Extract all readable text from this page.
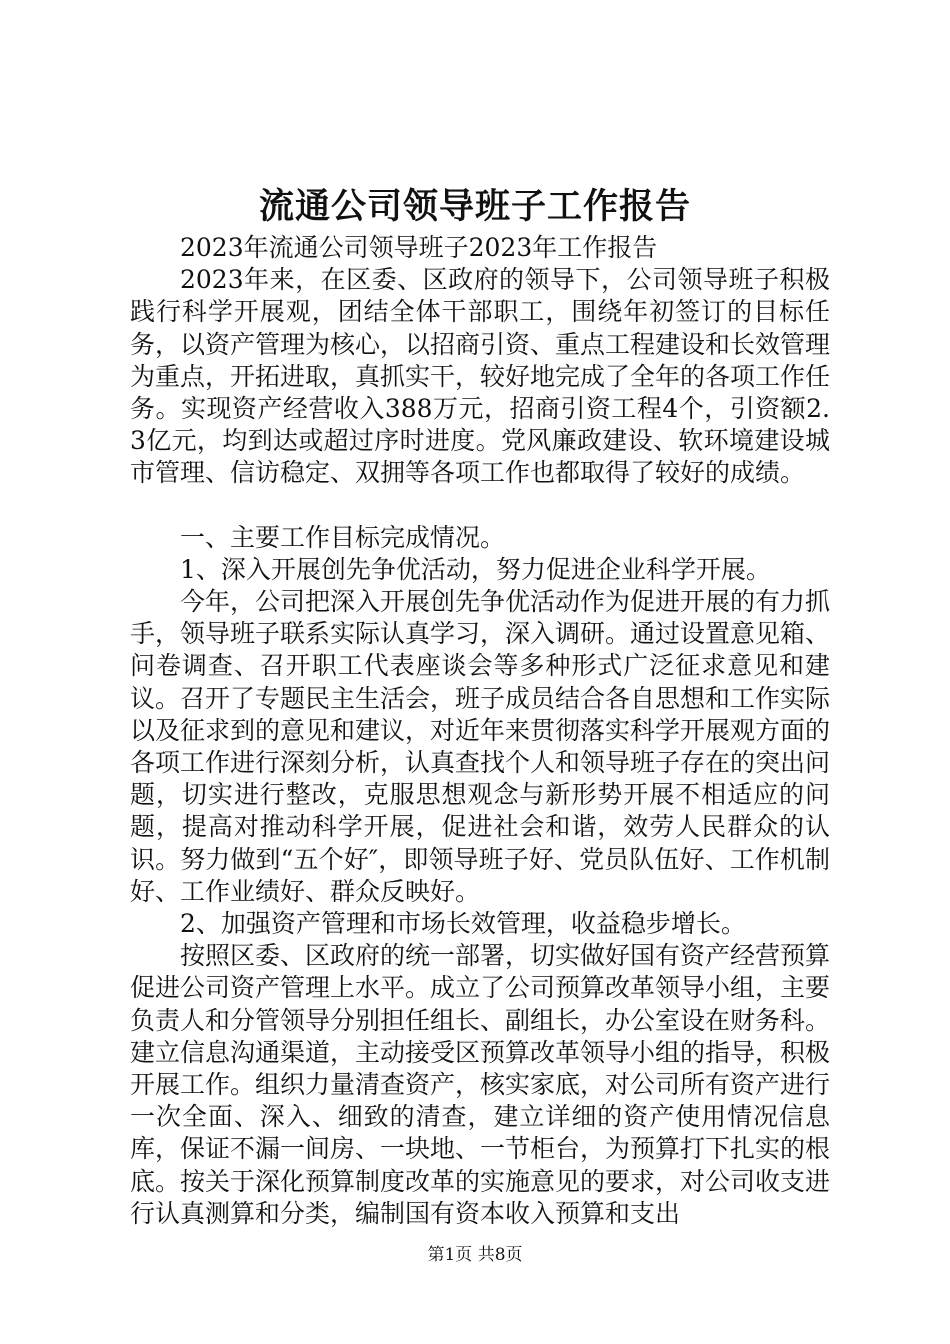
流通公司领导班子工作报告

2023年流通公司领导班子2023年工作报告

2023年来，在区委、区政府的领导下，公司领导班子积极践行科学开展观，团结全体干部职工，围绕年初签订的目标任务，以资产管理为核心，以招商引资、重点工程建设和长效管理为重点，开拓进取，真抓实干，较好地完成了全年的各项工作任务。实现资产经营收入388万元，招商引资工程4个，引资额2.3亿元，均到达或超过序时进度。党风廉政建设、软环境建设城市管理、信访稳定、双拥等各项工作也都取得了较好的成绩。

一、主要工作目标完成情况。

1、深入开展创先争优活动，努力促进企业科学开展。

今年，公司把深入开展创先争优活动作为促进开展的有力抓手，领导班子联系实际认真学习，深入调研。通过设置意见箱、问卷调查、召开职工代表座谈会等多种形式广泛征求意见和建议。召开了专题民主生活会，班子成员结合各自思想和工作实际以及征求到的意见和建议，对近年来贯彻落实科学开展观方面的各项工作进行深刻分析，认真查找个人和领导班子存在的突出问题，切实进行整改，克服思想观念与新形势开展不相适应的问题，提高对推动科学开展，促进社会和谐，效劳人民群众的认识。努力做到“五个好″，即领导班子好、党员队伍好、工作机制好、工作业绩好、群众反映好。

2、加强资产管理和市场长效管理，收益稳步增长。

按照区委、区政府的统一部署，切实做好国有资产经营预算促进公司资产管理上水平。成立了公司预算改革领导小组，主要负责人和分管领导分别担任组长、副组长，办公室设在财务科。建立信息沟通渠道，主动接受区预算改革领导小组的指导，积极开展工作。组织力量清查资产，核实家底，对公司所有资产进行一次全面、深入、细致的清查，建立详细的资产使用情况信息库，保证不漏一间房、一块地、一节柜台，为预算打下扎实的根底。按关于深化预算制度改革的实施意见的要求，对公司收支进行认真测算和分类，编制国有资本收入预算和支出

第1页 共8页
